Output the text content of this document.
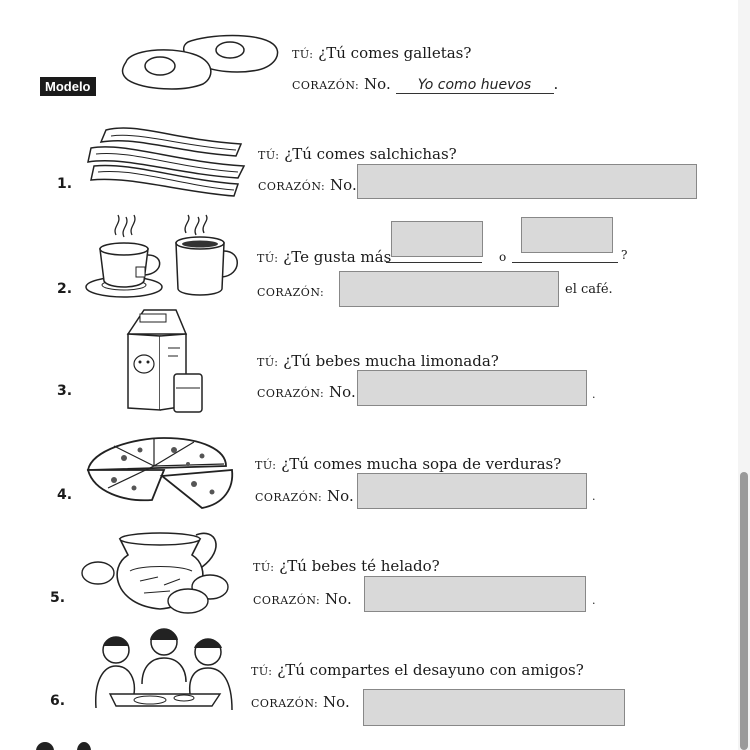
Modelo
TÚ: ¿Tú comes galletas?
CORAZÓN: No. Yo como huevos .
1.
TÚ: ¿Tú comes salchichas?
CORAZÓN: No.
2.
TÚ: ¿Te gusta más	o	?
CORAZÓN:	el café.
3.
TÚ: ¿Tú bebes mucha limonada?
CORAZÓN: No.	.
4.
TÚ: ¿Tú comes mucha sopa de verduras?
CORAZÓN: No.	.
5.
TÚ: ¿Tú bebes té helado?
CORAZÓN: No.	.
6.
TÚ: ¿Tú compartes el desayuno con amigos?
CORAZÓN: No.
